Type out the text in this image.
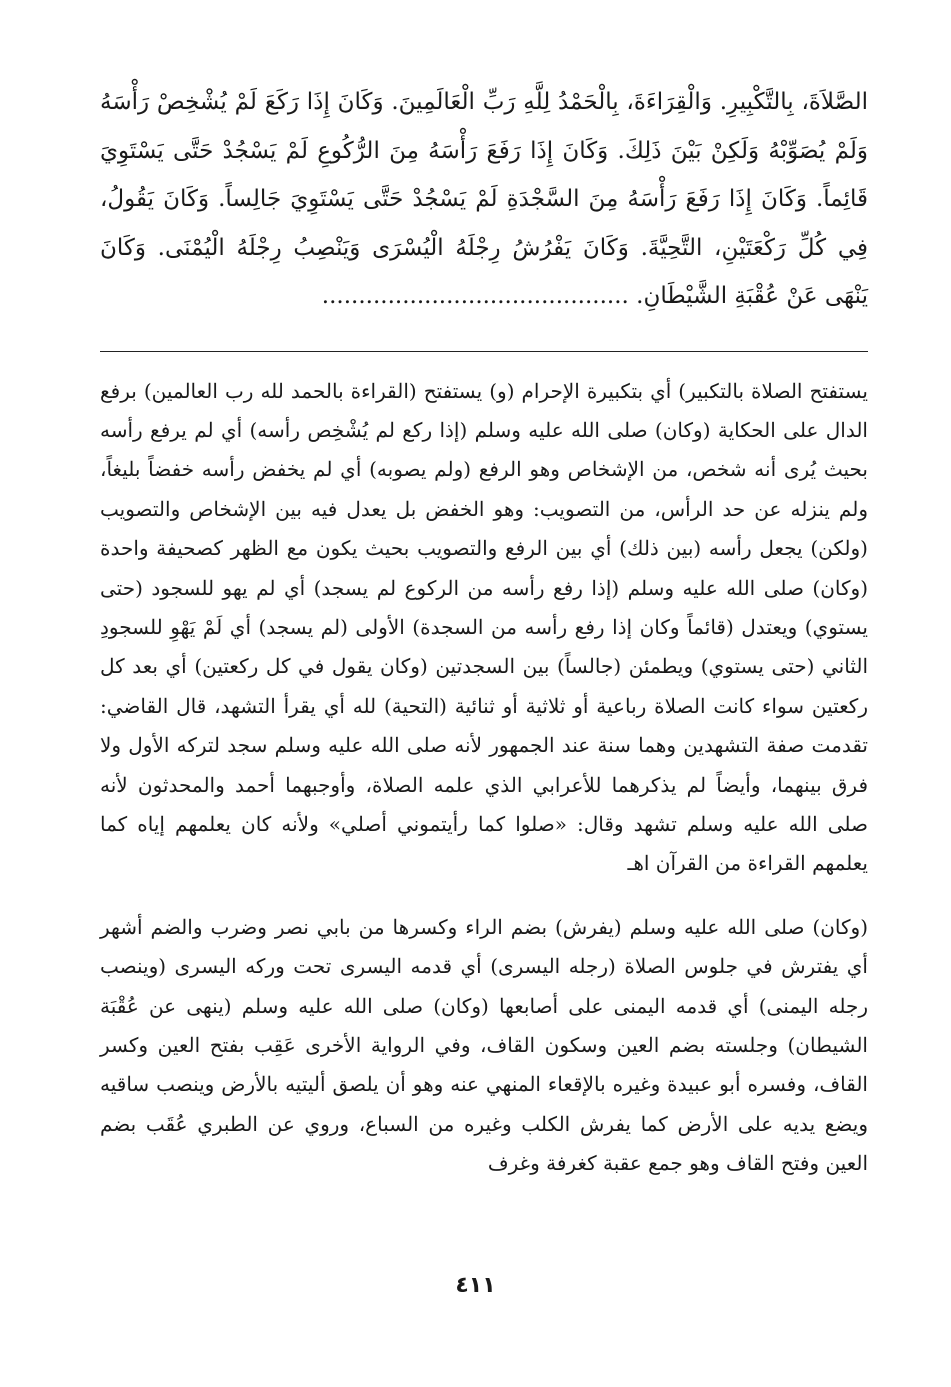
الصَّلاَةَ، بِالتَّكْبِيرِ. وَالْقِرَاءَةَ، بِالْحَمْدُ لِلَّهِ رَبِّ الْعَالَمِينَ. وَكَانَ إِذَا رَكَعَ لَمْ يُشْخِصْ رَأْسَهُ وَلَمْ يُصَوِّبْهُ وَلَكِنْ بَيْنَ ذَلِكَ. وَكَانَ إِذَا رَفَعَ رَأْسَهُ مِنَ الرُّكُوعِ لَمْ يَسْجُدْ حَتَّى يَسْتَوِيَ قَائِماً. وَكَانَ إِذَا رَفَعَ رَأْسَهُ مِنَ السَّجْدَةِ لَمْ يَسْجُدْ حَتَّى يَسْتَوِيَ جَالِساً. وَكَانَ يَقُولُ، فِي كُلِّ رَكْعَتَيْنِ، التَّحِيَّةَ. وَكَانَ يَفْرُشُ رِجْلَهُ الْيُسْرَى وَيَنْصِبُ رِجْلَهُ الْيُمْنَى. وَكَانَ يَنْهَى عَنْ عُقْبَةِ الشَّيْطَانِ. ..........................................

يستفتح الصلاة بالتكبير) أي بتكبيرة الإحرام (و) يستفتح (القراءة بالحمد لله رب العالمين) برفع الدال على الحكاية (وكان) صلى الله عليه وسلم (إذا ركع لم يُشْخِص رأسه) أي لم يرفع رأسه بحيث يُرى أنه شخص، من الإشخاص وهو الرفع (ولم يصوبه) أي لم يخفض رأسه خفضاً بليغاً، ولم ينزله عن حد الرأس، من التصويب: وهو الخفض بل يعدل فيه بين الإشخاص والتصويب (ولكن) يجعل رأسه (بين ذلك) أي بين الرفع والتصويب بحيث يكون مع الظهر كصحيفة واحدة (وكان) صلى الله عليه وسلم (إذا رفع رأسه من الركوع لم يسجد) أي لم يهو للسجود (حتى يستوي) ويعتدل (قائماً وكان إذا رفع رأسه من السجدة) الأولى (لم يسجد) أي لَمْ يَهْوِ للسجودِ الثاني (حتى يستوي) ويطمئن (جالساً) بين السجدتين (وكان يقول في كل ركعتين) أي بعد كل ركعتين سواء كانت الصلاة رباعية أو ثلاثية أو ثنائية (التحية) لله أي يقرأ التشهد، قال القاضي: تقدمت صفة التشهدين وهما سنة عند الجمهور لأنه صلى الله عليه وسلم سجد لتركه الأول ولا فرق بينهما، وأيضاً لم يذكرهما للأعرابي الذي علمه الصلاة، وأوجبهما أحمد والمحدثون لأنه صلى الله عليه وسلم تشهد وقال: «صلوا كما رأيتموني أصلي» ولأنه كان يعلمهم إياه كما يعلمهم القراءة من القرآن اهـ

(وكان) صلى الله عليه وسلم (يفرش) بضم الراء وكسرها من بابي نصر وضرب والضم أشهر أي يفترش في جلوس الصلاة (رجله اليسرى) أي قدمه اليسرى تحت وركه اليسرى (وينصب رجله اليمنى) أي قدمه اليمنى على أصابعها (وكان) صلى الله عليه وسلم (ينهى عن عُقْبَة الشيطان) وجلسته بضم العين وسكون القاف، وفي الرواية الأخرى عَقِب بفتح العين وكسر القاف، وفسره أبو عبيدة وغيره بالإقعاء المنهي عنه وهو أن يلصق أليتيه بالأرض وينصب ساقيه ويضع يديه على الأرض كما يفرش الكلب وغيره من السباع، وروي عن الطبري عُقَب بضم العين وفتح القاف وهو جمع عقبة كغرفة وغرف

٤١١
